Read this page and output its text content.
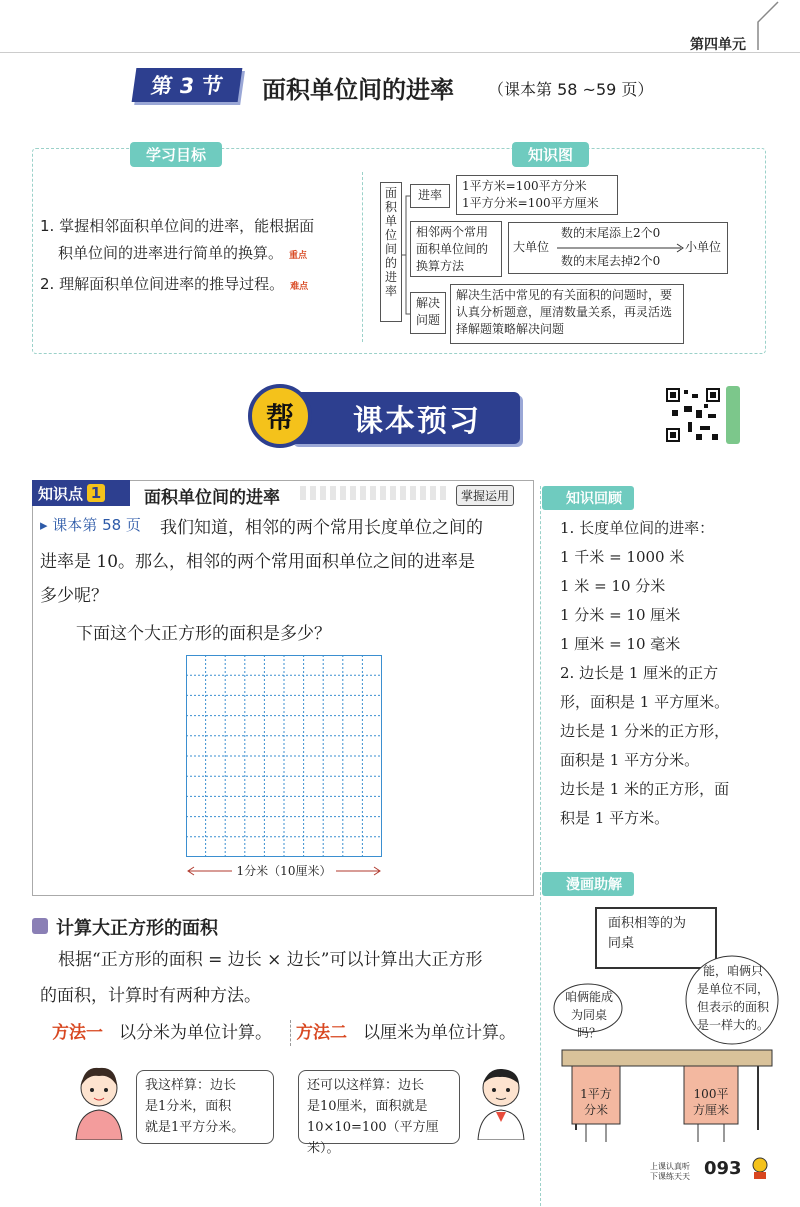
第四单元
第 3 节 面积单位间的进率 （课本第 58 ~59 页）
学习目标	知识图
1. 掌握相邻面积单位间的进率，能根据面
积单位间的进率进行简单的换算。 重点
2. 理解面积单位间进率的推导过程。 难点
面积单位间的进率
进率
1平方米=100平方分米
1平方分米=100平方厘米
相邻两个常用面积单位间的换算方法
大单位
数的末尾添上2个0
数的末尾去掉2个0
小单位
解决问题
解决生活中常见的有关面积的问题时，要认真分析题意，厘清数量关系，再灵活选择解题策略解决问题
课本预习
帮
知识点 1	面积单位间的进率	掌握运用
▸ 课本第 58 页 我们知道，相邻的两个常用长度单位之间的
进率是 10。那么，相邻的两个常用面积单位之间的进率是
多少呢？
下面这个大正方形的面积是多少？
1分米（10厘米）
计算大正方形的面积
根据“正方形的面积 = 边长 × 边长”可以计算出大正方形
的面积，计算时有两种方法。
方法一 以分米为单位计算。 方法二 以厘米为单位计算。
我这样算：边长
是1分米，面积
就是1平方分米。
还可以这样算：边长
是10厘米，面积就是
10×10=100（平方厘米）。
知识回顾
1. 长度单位间的进率：
1 千米 = 1000 米
1 米 = 10 分米
1 分米 = 10 厘米
1 厘米 = 10 毫米
2. 边长是 1 厘米的正方
形，面积是 1 平方厘米。
边长是 1 分米的正方形，
面积是 1 平方分米。
边长是 1 米的正方形，面
积是 1 平方米。
漫画助解
面积相等的为
同桌
咱俩能成
为同桌吗？
能，咱俩只
是单位不同，
但表示的面积
是一样大的。
1平方
分米
100平
方厘米
上课认真听
下课练天天 093
